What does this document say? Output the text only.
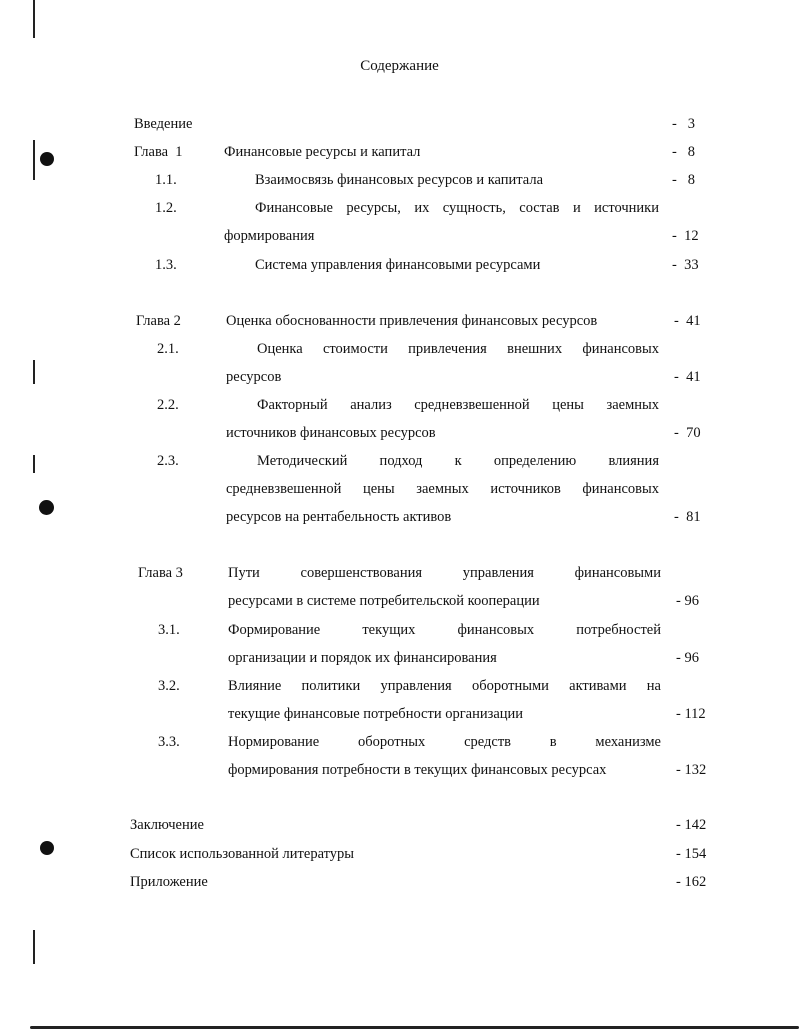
Содержание
Введение	-   3
Глава  1	Финансовые ресурсы и капитал	-   8
1.1.	Взаимосвязь финансовых ресурсов и капитала	-   8
1.2.	Финансовые ресурсы, их сущность, состав и источники
формирования	-  12
1.3.	Система управления финансовыми ресурсами	-  33
Глава 2	Оценка обоснованности привлечения финансовых ресурсов	-  41
2.1.	Оценка стоимости привлечения внешних финансовых
ресурсов	-  41
2.2.	Факторный анализ средневзвешенной цены заемных
источников финансовых ресурсов	-  70
2.3.	Методический подход к определению влияния
средневзвешенной цены заемных источников финансовых
ресурсов на рентабельность активов	-  81
Глава 3	Пути совершенствования управления финансовыми
ресурсами в системе потребительской кооперации	- 96
3.1.	Формирование текущих финансовых потребностей
организации и порядок их финансирования	- 96
3.2.	Влияние политики управления оборотными активами на
текущие финансовые потребности организации	- 112
3.3.	Нормирование оборотных средств в механизме
формирования потребности в текущих финансовых ресурсах	- 132
Заключение	- 142
Список использованной литературы	- 154
Приложение	- 162
